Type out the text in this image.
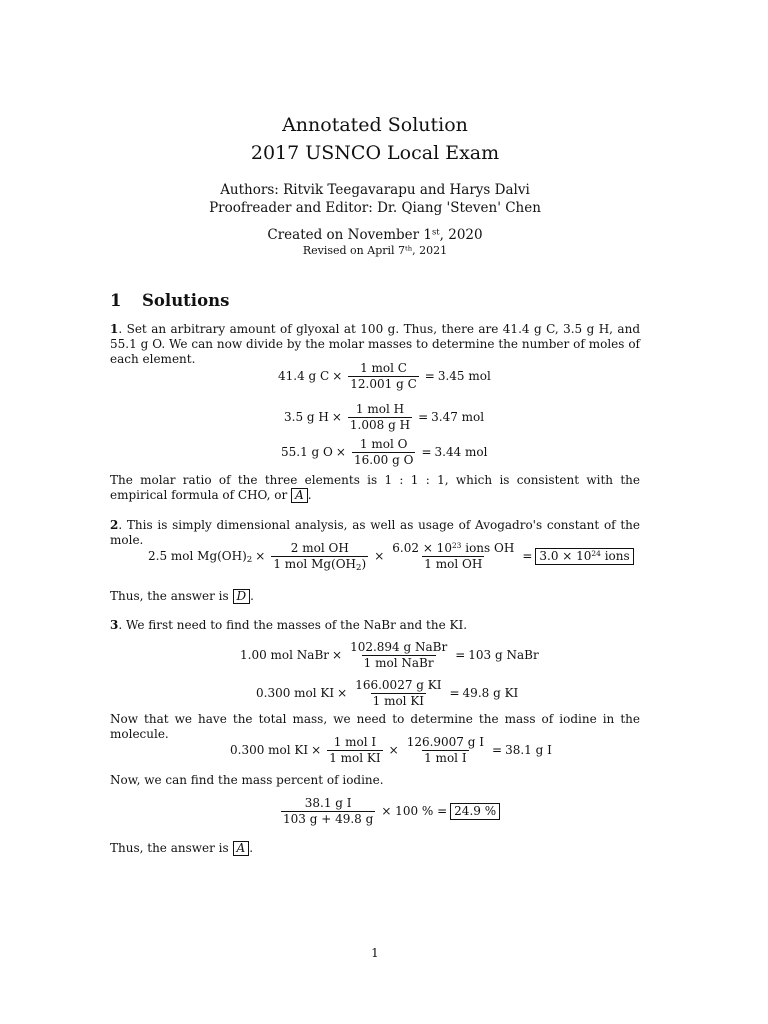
Annotated Solution
2017 USNCO Local Exam
Authors: Ritvik Teegavarapu and Harys Dalvi
Proofreader and Editor: Dr. Qiang 'Steven' Chen
Created on November 1st, 2020
Revised on April 7th, 2021
1 Solutions
1. Set an arbitrary amount of glyoxal at 100 g. Thus, there are 41.4 g C, 3.5 g H, and 55.1 g O. We can now divide by the molar masses to determine the number of moles of each element.
41.4 g $C \times \frac{\text{1 mol C}}{\text{12.001 g C}} = 3.45$ mol
3.5 g $H \times \frac{\text{1 mol H}}{\text{1.008 g H}} = 3.47$ mol
55.1 g $O \times \frac{\text{1 mol O}}{\text{16.00 g O}} = 3.44$ mol
The molar ratio of the three elements is 1 : 1 : 1, which is consistent with the empirical formula of CHO, or A .
2. This is simply dimensional analysis, as well as usage of Avogadro's constant of the mole.
2.5 mol $Mg(OH)_2 \times \frac{\text{2 mol OH}}{1 mol Mg(OH_2)} \times \frac{6.02 \times 10^{23} ions OH}{\text{1 mol OH}} = 3.0 \times 10^{24}$ ions
Thus, the answer is D .
3. We first need to find the masses of the NaBr and the KI.
1.00 mol NaBr × $\frac{\text{102.894 g NaBr}}{\text{1 mol NaBr}} = 103$ g NaBr
0.300 mol KI × $\frac{\text{166.0027 g KI}}{\text{1 mol KI}} = 49.8$ g KI
Now that we have the total mass, we need to determine the mass of iodine in the molecule.
0.300 mol KI × $\frac{\text{1 mol I}}{\text{1 mol KI}} \times \frac{\text{126.9007 g I}}{\text{1 mol I}} = 38.1$ g I
Now, we can find the mass percent of iodine.
$\frac{\text{38.1 g I}}{103 g + 49.8 g} \times 100$ % = 24.9 %
Thus, the answer is A .
1
